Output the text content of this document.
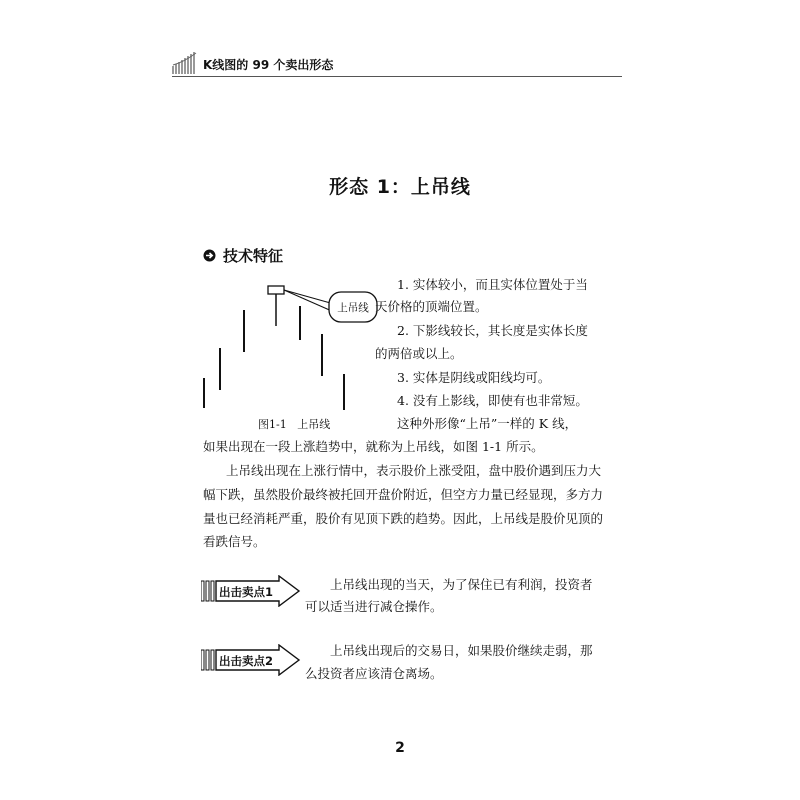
K线图的 99 个卖出形态
形态 1：上吊线
技术特征
上吊线
图1-1   上吊线
1. 实体较小，而且实体位置处于当
天价格的顶端位置。
2. 下影线较长，其长度是实体长度
的两倍或以上。
3. 实体是阴线或阳线均可。
4. 没有上影线，即使有也非常短。
这种外形像“上吊”一样的 K 线，
如果出现在一段上涨趋势中，就称为上吊线，如图 1-1 所示。
上吊线出现在上涨行情中，表示股价上涨受阻，盘中股价遇到压力大
幅下跌，虽然股价最终被托回开盘价附近，但空方力量已经显现，多方力
量也已经消耗严重，股价有见顶下跌的趋势。因此，上吊线是股价见顶的
看跌信号。
出击卖点1	上吊线出现的当天，为了保住已有利润，投资者
可以适当进行减仓操作。
出击卖点2
上吊线出现后的交易日，如果股价继续走弱，那
么投资者应该清仓离场。
2
